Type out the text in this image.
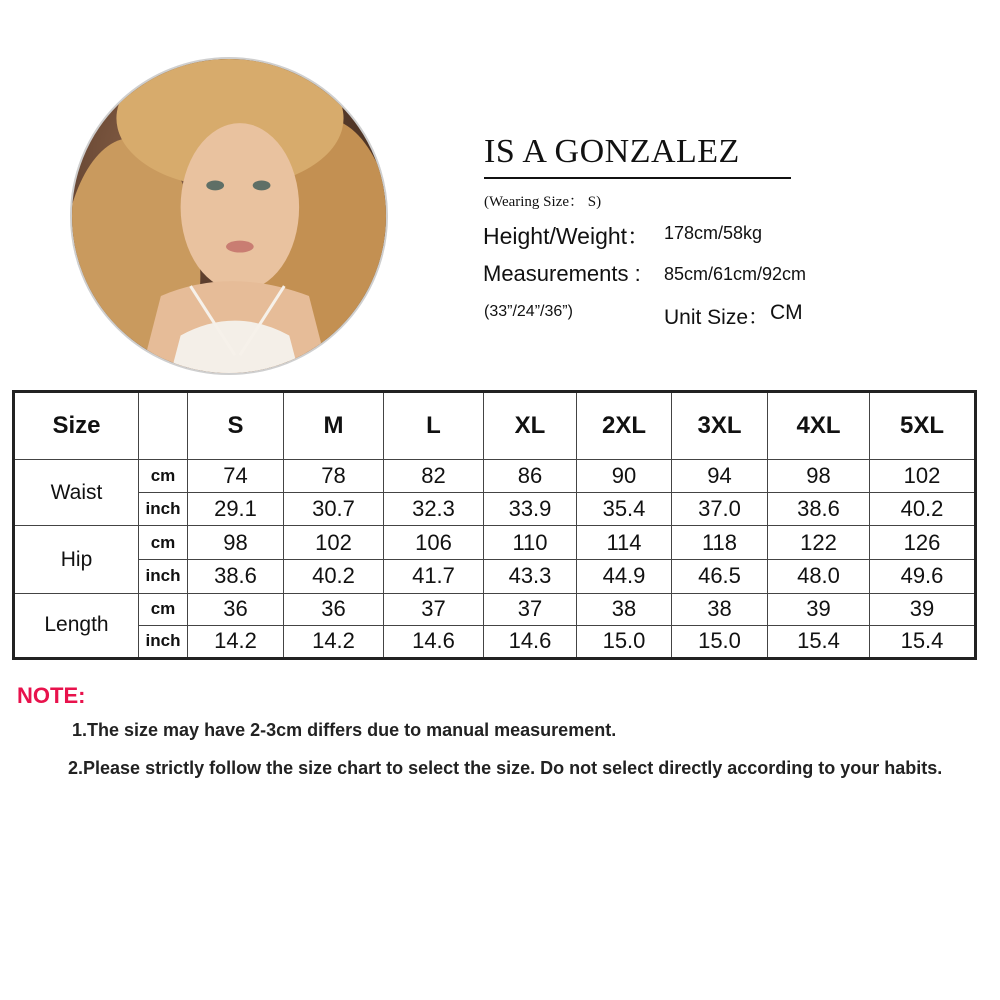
IS A GONZALEZ
(Wearing Size： S)
Height/Weight： 178cm/58kg
Measurements : 85cm/61cm/92cm
(33”/24”/36”)	Unit Size： CM
Size		S	M	L	XL	2XL	3XL	4XL	5XL
Waist	cm	74	78	82	86	90	94	98	102
	inch	29.1	30.7	32.3	33.9	35.4	37.0	38.6	40.2
Hip	cm	98	102	106	110	114	118	122	126
	inch	38.6	40.2	41.7	43.3	44.9	46.5	48.0	49.6
Length	cm	36	36	37	37	38	38	39	39
	inch	14.2	14.2	14.6	14.6	15.0	15.0	15.4	15.4
NOTE:
1.The size may have 2-3cm differs due to manual measurement.
2.Please strictly follow the size chart to select the size. Do not select directly according to your habits.
